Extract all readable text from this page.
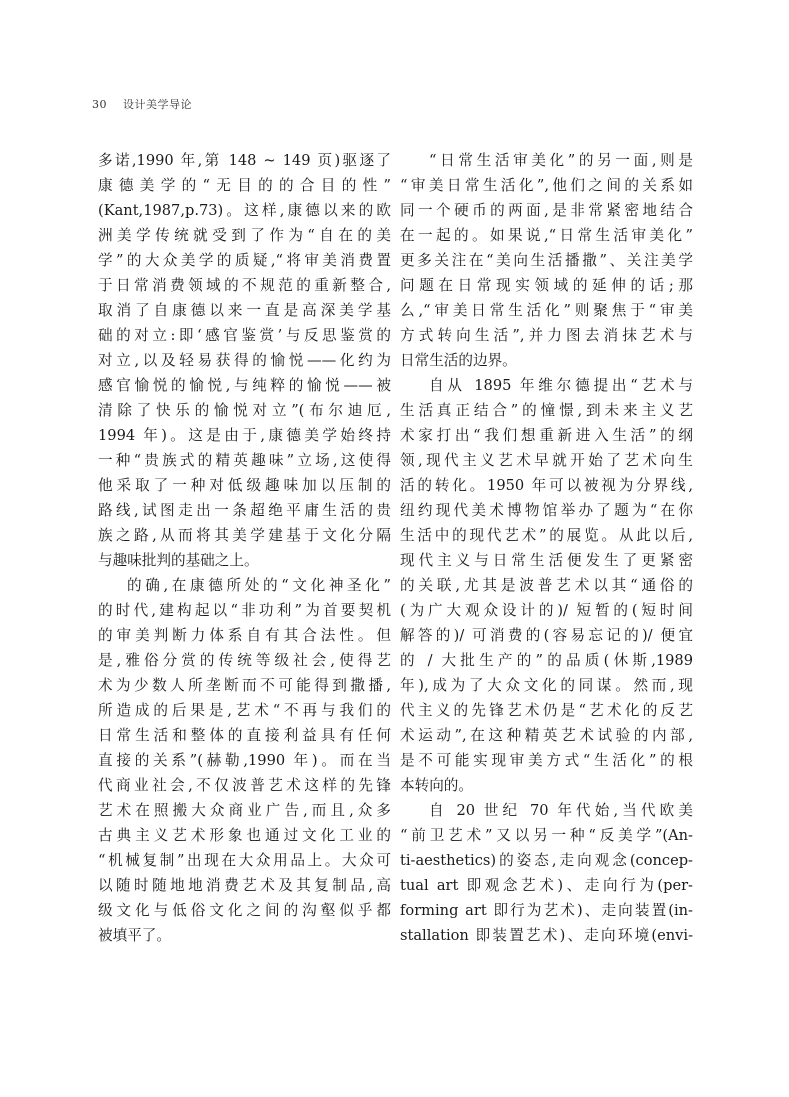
30 设计美学导论
多诺,1990 年,第 148 ~ 149 页)驱逐了
康德美学的“无目的的合目的性”
(Kant,1987,p.73)。这样,康德以来的欧
洲美学传统就受到了作为“自在的美
学”的大众美学的质疑,“将审美消费置
于日常消费领域的不规范的重新整合,
取消了自康德以来一直是高深美学基
础的对立:即‘感官鉴赏’与反思鉴赏的
对立,以及轻易获得的愉悦——化约为
感官愉悦的愉悦,与纯粹的愉悦——被
清除了快乐的愉悦对立”(布尔迪厄,
1994 年)。这是由于,康德美学始终持
一种“贵族式的精英趣味”立场,这使得
他采取了一种对低级趣味加以压制的
路线,试图走出一条超绝平庸生活的贵
族之路,从而将其美学建基于文化分隔
与趣味批判的基础之上。
的确,在康德所处的“文化神圣化”
的时代,建构起以“非功利”为首要契机
的审美判断力体系自有其合法性。但
是,雅俗分赏的传统等级社会,使得艺
术为少数人所垄断而不可能得到撒播,
所造成的后果是,艺术“不再与我们的
日常生活和整体的直接利益具有任何
直接的关系”(赫勒,1990 年)。而在当
代商业社会,不仅波普艺术这样的先锋
艺术在照搬大众商业广告,而且,众多
古典主义艺术形象也通过文化工业的
“机械复制”出现在大众用品上。大众可
以随时随地地消费艺术及其复制品,高
级文化与低俗文化之间的沟壑似乎都
被填平了。
“日常生活审美化”的另一面,则是
“审美日常生活化”,他们之间的关系如
同一个硬币的两面,是非常紧密地结合
在一起的。如果说,“日常生活审美化”
更多关注在“美向生活播撒”、关注美学
问题在日常现实领域的延伸的话;那
么,“审美日常生活化”则聚焦于“审美
方式转向生活”,并力图去消抹艺术与
日常生活的边界。
自从 1895 年维尔德提出“艺术与
生活真正结合”的憧憬,到未来主义艺
术家打出“我们想重新进入生活”的纲
领,现代主义艺术早就开始了艺术向生
活的转化。1950 年可以被视为分界线,
纽约现代美术博物馆举办了题为“在你
生活中的现代艺术”的展览。从此以后,
现代主义与日常生活便发生了更紧密
的关联,尤其是波普艺术以其“通俗的
(为广大观众设计的)/ 短暂的(短时间
解答的)/ 可消费的(容易忘记的)/ 便宜
的 / 大批生产的”的品质(休斯,1989
年),成为了大众文化的同谋。然而,现
代主义的先锋艺术仍是“艺术化的反艺
术运动”,在这种精英艺术试验的内部,
是不可能实现审美方式“生活化”的根
本转向的。
自 20 世纪 70 年代始,当代欧美
“前卫艺术”又以另一种“反美学”(An-
ti-aesthetics)的姿态,走向观念(concep-
tual art 即观念艺术)、走向行为(per-
forming art 即行为艺术)、走向装置(in-
stallation 即装置艺术)、走向环境(envi-
